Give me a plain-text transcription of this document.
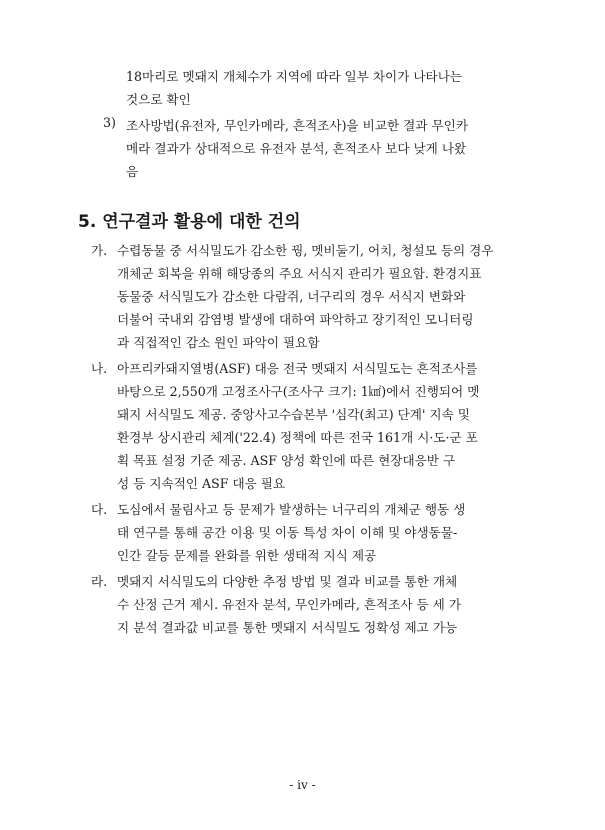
18마리로 멧돼지 개체수가 지역에 따라 일부 차이가 나타나는
것으로 확인
3) 조사방법(유전자, 무인카메라, 흔적조사)을 비교한 결과 무인카
메라 결과가 상대적으로 유전자 분석, 흔적조사 보다 낮게 나왔
음
5. 연구결과 활용에 대한 건의
가. 수렵동물 중 서식밀도가 감소한 꿩, 멧비둘기, 어치, 청설모 등의 경우
개체군 회복을 위해 해당종의 주요 서식지 관리가 필요함. 환경지표
동물중 서식밀도가 감소한 다람쥐, 너구리의 경우 서식지 변화와
더불어 국내외 감염병 발생에 대하여 파악하고 장기적인 모니터링
과 직접적인 감소 원인 파악이 필요함
나. 아프리카돼지열병(ASF) 대응 전국 멧돼지 서식밀도는 흔적조사를
바탕으로 2,550개 고정조사구(조사구 크기: 1㎢)에서 진행되어 멧
돼지 서식밀도 제공. 중앙사고수습본부 '심각(최고) 단계' 지속 및
환경부 상시관리 체계('22.4) 정책에 따른 전국 161개 시·도·군 포
획 목표 설정 기준 제공. ASF 양성 확인에 따른 현장대응반 구
성 등 지속적인 ASF 대응 필요
다. 도심에서 물림사고 등 문제가 발생하는 너구리의 개체군 행동 생
태 연구를 통해 공간 이용 및 이동 특성 차이 이해 및 야생동물-
인간 갈등 문제를 완화를 위한 생태적 지식 제공
라. 멧돼지 서식밀도의 다양한 추정 방법 및 결과 비교를 통한 개체
수 산정 근거 제시. 유전자 분석, 무인카메라, 흔적조사 등 세 가
지 분석 결과값 비교를 통한 멧돼지 서식밀도 정확성 제고 가능
- iv -
